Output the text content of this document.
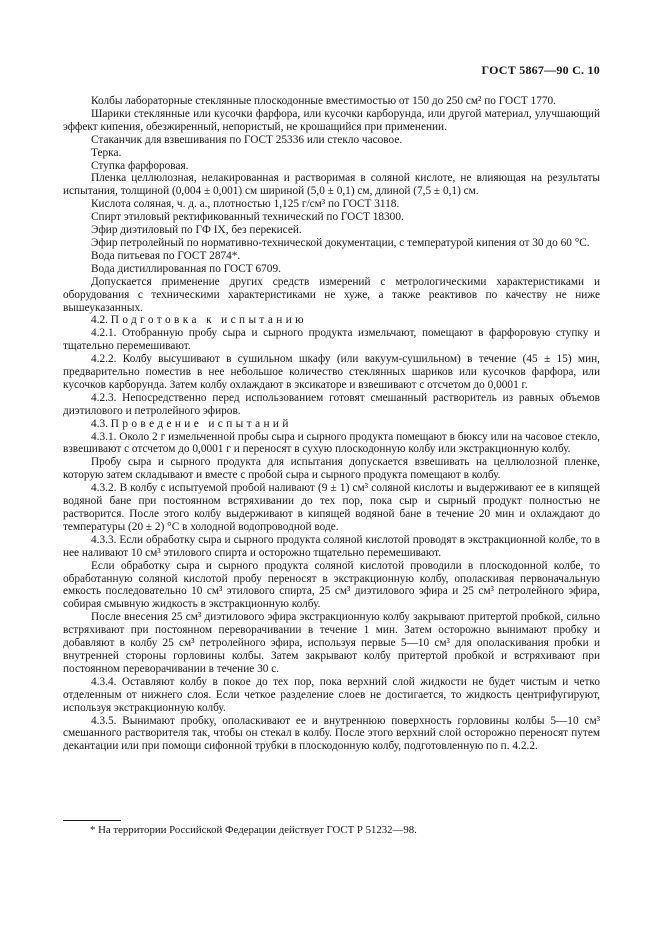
ГОСТ 5867—90 С. 10

Колбы лабораторные стеклянные плоскодонные вместимостью от 150 до 250 см² по ГОСТ 1770.

Шарики стеклянные или кусочки фарфора, или кусочки карборунда, или другой материал, улучшающий эффект кипения, обезжиренный, непористый, не крошащийся при применении.

Стаканчик для взвешивания по ГОСТ 25336 или стекло часовое.

Терка.

Ступка фарфоровая.

Пленка целлюлозная, нелакированная и растворимая в соляной кислоте, не влияющая на результаты испытания, толщиной (0,004 ± 0,001) см шириной (5,0 ± 0,1) см, длиной (7,5 ± 0,1) см.

Кислота соляная, ч. д. а., плотностью 1,125 г/см³ по ГОСТ 3118.

Спирт этиловый ректификованный технический по ГОСТ 18300.

Эфир диэтиловый по ГФ IX, без перекисей.

Эфир петролейный по нормативно-технической документации, с температурой кипения от 30 до 60 °С.

Вода питьевая по ГОСТ 2874*.

Вода дистиллированная по ГОСТ 6709.

Допускается применение других средств измерений с метрологическими характеристиками и оборудования с техническими характеристиками не хуже, а также реактивов по качеству не ниже вышеуказанных.

4.2. Подготовка к испытанию

4.2.1. Отобранную пробу сыра и сырного продукта измельчают, помещают в фарфоровую ступку и тщательно перемешивают.

4.2.2. Колбу высушивают в сушильном шкафу (или вакуум-сушильном) в течение (45 ± 15) мин, предварительно поместив в нее небольшое количество стеклянных шариков или кусочков фарфора, или кусочков карборунда. Затем колбу охлаждают в эксикаторе и взвешивают с отсчетом до 0,0001 г.

4.2.3. Непосредственно перед использованием готовят смешанный растворитель из равных объемов диэтилового и петролейного эфиров.

4.3. Проведение испытаний

4.3.1. Около 2 г измельченной пробы сыра и сырного продукта помещают в бюксу или на часовое стекло, взвешивают с отсчетом до 0,0001 г и переносят в сухую плоскодонную колбу или экстракционную колбу.

Пробу сыра и сырного продукта для испытания допускается взвешивать на целлюлозной пленке, которую затем складывают и вместе с пробой сыра и сырного продукта помещают в колбу.

4.3.2. В колбу с испытуемой пробой наливают (9 ± 1) см³ соляной кислоты и выдерживают ее в кипящей водяной бане при постоянном встряхивании до тех пор, пока сыр и сырный продукт полностью не растворится. После этого колбу выдерживают в кипящей водяной бане в течение 20 мин и охлаждают до температуры (20 ± 2) °С в холодной водопроводной воде.

4.3.3. Если обработку сыра и сырного продукта соляной кислотой проводят в экстракционной колбе, то в нее наливают 10 см³ этилового спирта и осторожно тщательно перемешивают.

Если обработку сыра и сырного продукта соляной кислотой проводили в плоскодонной колбе, то обработанную соляной кислотой пробу переносят в экстракционную колбу, ополаскивая первоначальную емкость последовательно 10 см³ этилового спирта, 25 см³ диэтилового эфира и 25 см³ петролейного эфира, собирая смывную жидкость в экстракционную колбу.

После внесения 25 см³ диэтилового эфира экстракционную колбу закрывают притертой пробкой, сильно встряхивают при постоянном переворачивании в течение 1 мин. Затем осторожно вынимают пробку и добавляют в колбу 25 см³ петролейного эфира, используя первые 5—10 см³ для ополаскивания пробки и внутренней стороны горловины колбы. Затем закрывают колбу притертой пробкой и встряхивают при постоянном переворачивании в течение 30 с.

4.3.4. Оставляют колбу в покое до тех пор, пока верхний слой жидкости не будет чистым и четко отделенным от нижнего слоя. Если четкое разделение слоев не достигается, то жидкость центрифугируют, используя экстракционную колбу.

4.3.5. Вынимают пробку, ополаскивают ее и внутреннюю поверхность горловины колбы 5—10 см³ смешанного растворителя так, чтобы он стекал в колбу. После этого верхний слой осторожно переносят путем декантации или при помощи сифонной трубки в плоскодонную колбу, подготовленную по п. 4.2.2.

* На территории Российской Федерации действует ГОСТ Р 51232—98.
